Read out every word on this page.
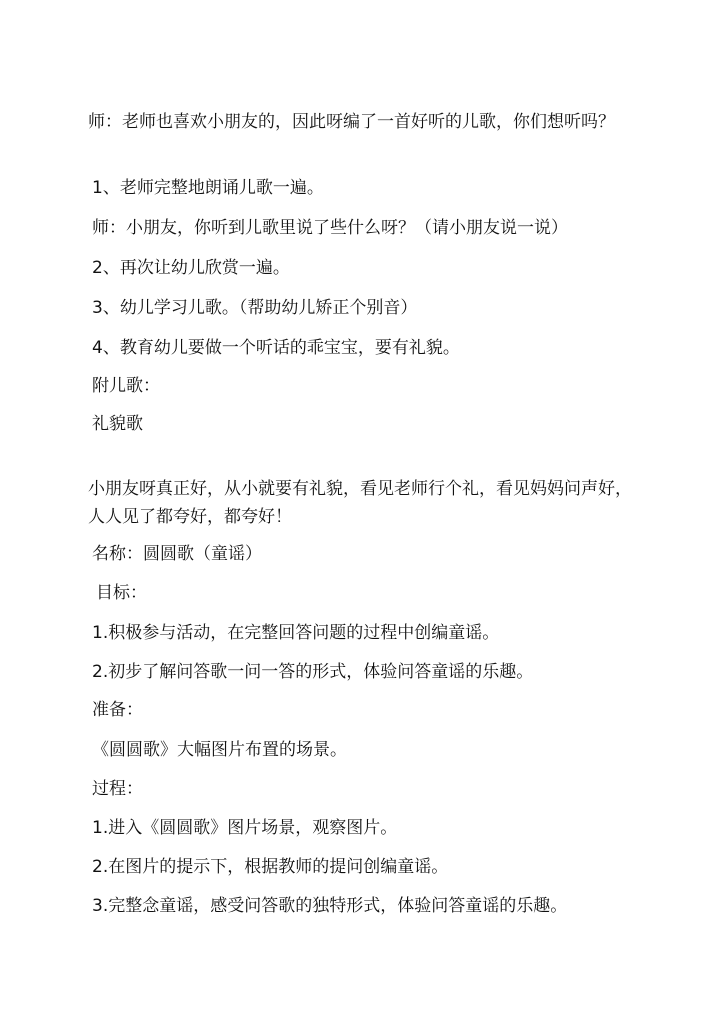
师：老师也喜欢小朋友的，因此呀编了一首好听的儿歌，你们想听吗？
1、老师完整地朗诵儿歌一遍。
师：小朋友，你听到儿歌里说了些什么呀？（请小朋友说一说）
2、再次让幼儿欣赏一遍。
3、幼儿学习儿歌。（帮助幼儿矫正个别音）
4、教育幼儿要做一个听话的乖宝宝，要有礼貌。
附儿歌：
礼貌歌
小朋友呀真正好，从小就要有礼貌，看见老师行个礼，看见妈妈问声好，人人见了都夸好，都夸好！
名称：圆圆歌（童谣）
目标：
1.积极参与活动，在完整回答问题的过程中创编童谣。
2.初步了解问答歌一问一答的形式，体验问答童谣的乐趣。
准备：
《圆圆歌》大幅图片布置的场景。
过程：
1.进入《圆圆歌》图片场景，观察图片。
2.在图片的提示下，根据教师的提问创编童谣。
3.完整念童谣，感受问答歌的独特形式，体验问答童谣的乐趣。
